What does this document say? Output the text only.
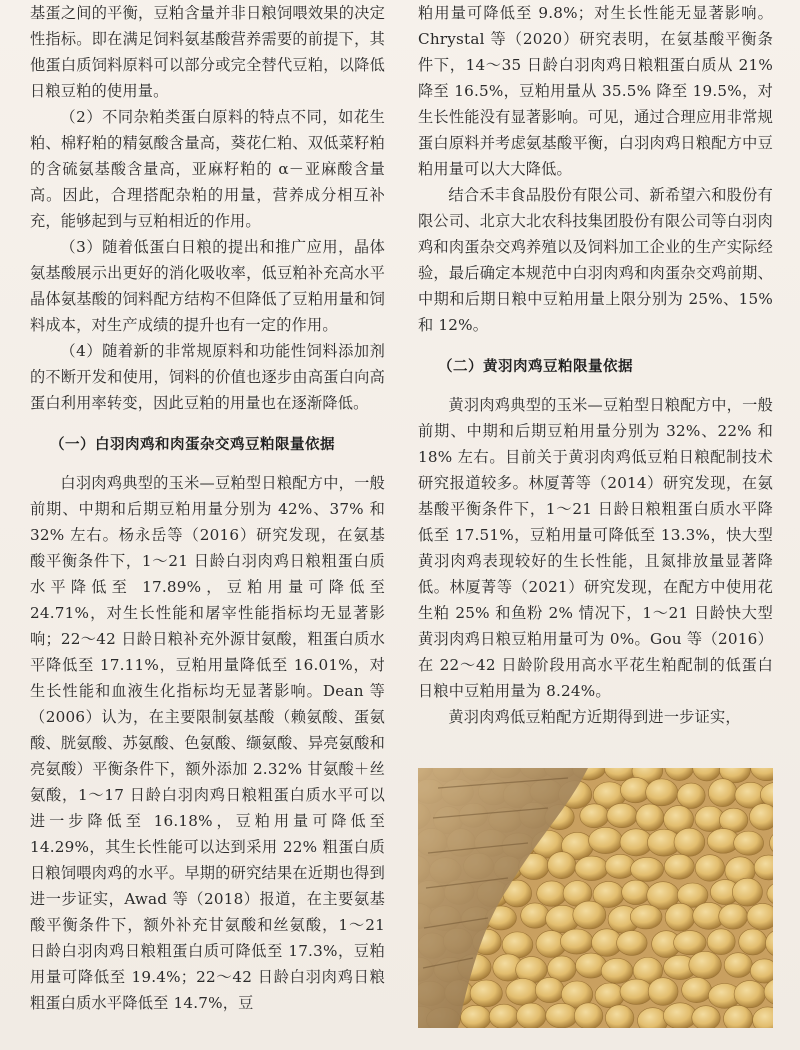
基蛋之间的平衡，豆粕含量并非日粮饲喂效果的决定性指标。即在满足饲料氨基酸营养需要的前提下，其他蛋白质饲料原料可以部分或完全替代豆粕，以降低日粮豆粕的使用量。

（2）不同杂粕类蛋白原料的特点不同，如花生粕、棉籽粕的精氨酸含量高，葵花仁粕、双低菜籽粕的含硫氨基酸含量高，亚麻籽粕的 α－亚麻酸含量高。因此，合理搭配杂粕的用量，营养成分相互补充，能够起到与豆粕相近的作用。

（3）随着低蛋白日粮的提出和推广应用，晶体氨基酸展示出更好的消化吸收率，低豆粕补充高水平晶体氨基酸的饲料配方结构不但降低了豆粕用量和饲料成本，对生产成绩的提升也有一定的作用。

（4）随着新的非常规原料和功能性饲料添加剂的不断开发和使用，饲料的价值也逐步由高蛋白向高蛋白利用率转变，因此豆粕的用量也在逐渐降低。

（一）白羽肉鸡和肉蛋杂交鸡豆粕限量依据

白羽肉鸡典型的玉米—豆粕型日粮配方中，一般前期、中期和后期豆粕用量分别为 42%、37% 和 32% 左右。杨永岳等（2016）研究发现，在氨基酸平衡条件下，1～21 日龄白羽肉鸡日粮粗蛋白质水平降低至 17.89%，豆粕用量可降低至 24.71%，对生长性能和屠宰性能指标均无显著影响；22～42 日龄日粮补充外源甘氨酸，粗蛋白质水平降低至 17.11%，豆粕用量降低至 16.01%，对生长性能和血液生化指标均无显著影响。Dean 等（2006）认为，在主要限制氨基酸（赖氨酸、蛋氨酸、胱氨酸、苏氨酸、色氨酸、缬氨酸、异亮氨酸和亮氨酸）平衡条件下，额外添加 2.32% 甘氨酸＋丝氨酸，1～17 日龄白羽肉鸡日粮粗蛋白质水平可以进一步降低至 16.18%，豆粕用量可降低至 14.29%，其生长性能可以达到采用 22% 粗蛋白质日粮饲喂肉鸡的水平。早期的研究结果在近期也得到进一步证实，Awad 等（2018）报道，在主要氨基酸平衡条件下，额外补充甘氨酸和丝氨酸，1～21 日龄白羽肉鸡日粮粗蛋白质可降低至 17.3%，豆粕用量可降低至 19.4%；22～42 日龄白羽肉鸡日粮粗蛋白质水平降低至 14.7%，豆

粕用量可降低至 9.8%；对生长性能无显著影响。Chrystal 等（2020）研究表明，在氨基酸平衡条件下，14～35 日龄白羽肉鸡日粮粗蛋白质从 21% 降至 16.5%，豆粕用量从 35.5% 降至 19.5%，对生长性能没有显著影响。可见，通过合理应用非常规蛋白原料并考虑氨基酸平衡，白羽肉鸡日粮配方中豆粕用量可以大大降低。

结合禾丰食品股份有限公司、新希望六和股份有限公司、北京大北农科技集团股份有限公司等白羽肉鸡和肉蛋杂交鸡养殖以及饲料加工企业的生产实际经验，最后确定本规范中白羽肉鸡和肉蛋杂交鸡前期、中期和后期日粮中豆粕用量上限分别为 25%、15% 和 12%。

（二）黄羽肉鸡豆粕限量依据

黄羽肉鸡典型的玉米—豆粕型日粮配方中，一般前期、中期和后期豆粕用量分别为 32%、22% 和 18% 左右。目前关于黄羽肉鸡低豆粕日粮配制技术研究报道较多。林厦菁等（2014）研究发现，在氨基酸平衡条件下，1～21 日龄日粮粗蛋白质水平降低至 17.51%，豆粕用量可降低至 13.3%，快大型黄羽肉鸡表现较好的生长性能，且氮排放量显著降低。林厦菁等（2021）研究发现，在配方中使用花生粕 25% 和鱼粉 2% 情况下，1～21 日龄快大型黄羽肉鸡日粮豆粕用量可为 0%。Gou 等（2016）在 22～42 日龄阶段用高水平花生粕配制的低蛋白日粮中豆粕用量为 8.24%。

黄羽肉鸡低豆粕配方近期得到进一步证实，
